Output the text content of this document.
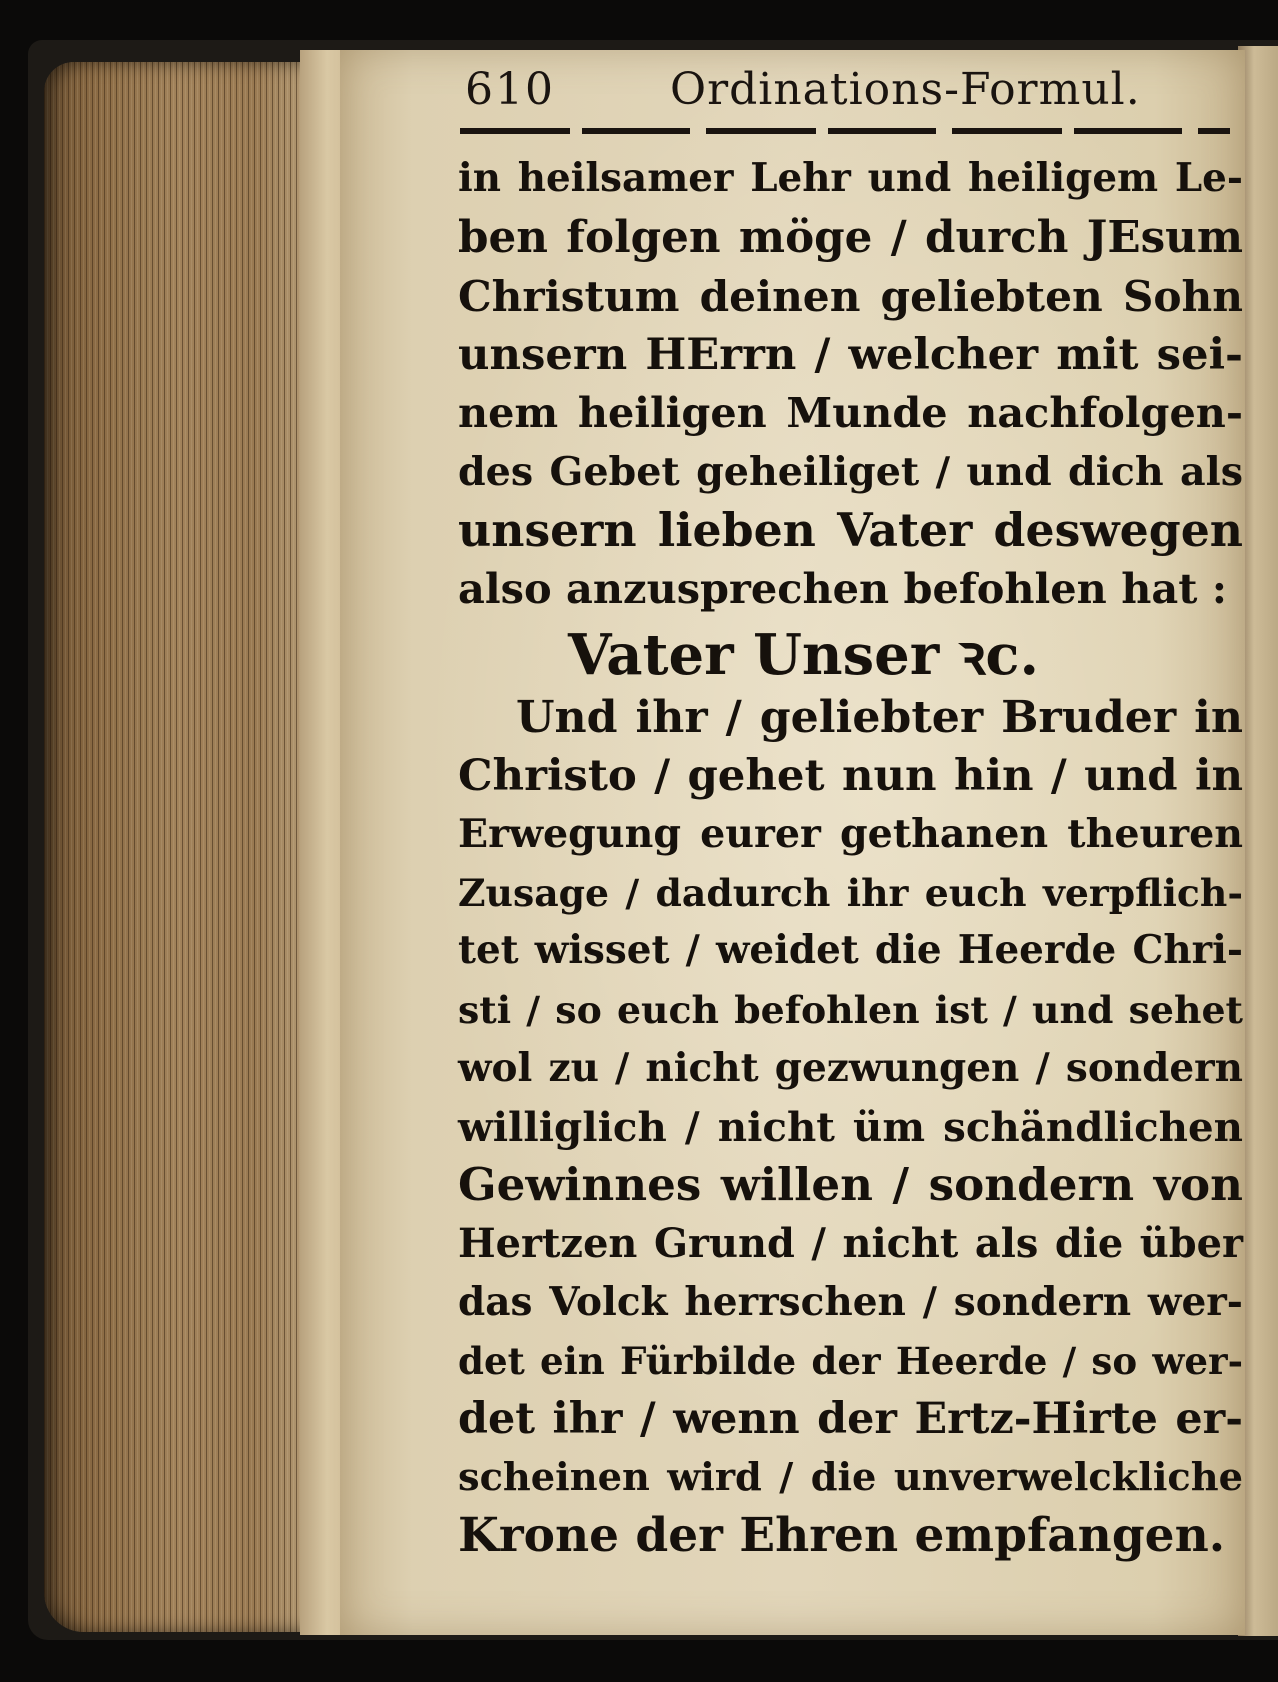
610	Ordinations-Formul.
in heilsamer Lehr und heiligem Le-
ben folgen möge / durch JEsum
Christum deinen geliebten Sohn
unsern HErrn / welcher mit sei-
nem heiligen Munde nachfolgen-
des Gebet geheiliget / und dich als
unsern lieben Vater deswegen
also anzusprechen befohlen hat :
Vater Unser ꝛc.
Und ihr / geliebter Bruder in
Christo / gehet nun hin / und in
Erwegung eurer gethanen theuren
Zusage / dadurch ihr euch verpflich-
tet wisset / weidet die Heerde Chri-
sti / so euch befohlen ist / und sehet
wol zu / nicht gezwungen / sondern
williglich / nicht üm schändlichen
Gewinnes willen / sondern von
Hertzen Grund / nicht als die über
das Volck herrschen / sondern wer-
det ein Fürbilde der Heerde / so wer-
det ihr / wenn der Ertz-Hirte er-
scheinen wird / die unverwelckliche
Krone der Ehren empfangen.
